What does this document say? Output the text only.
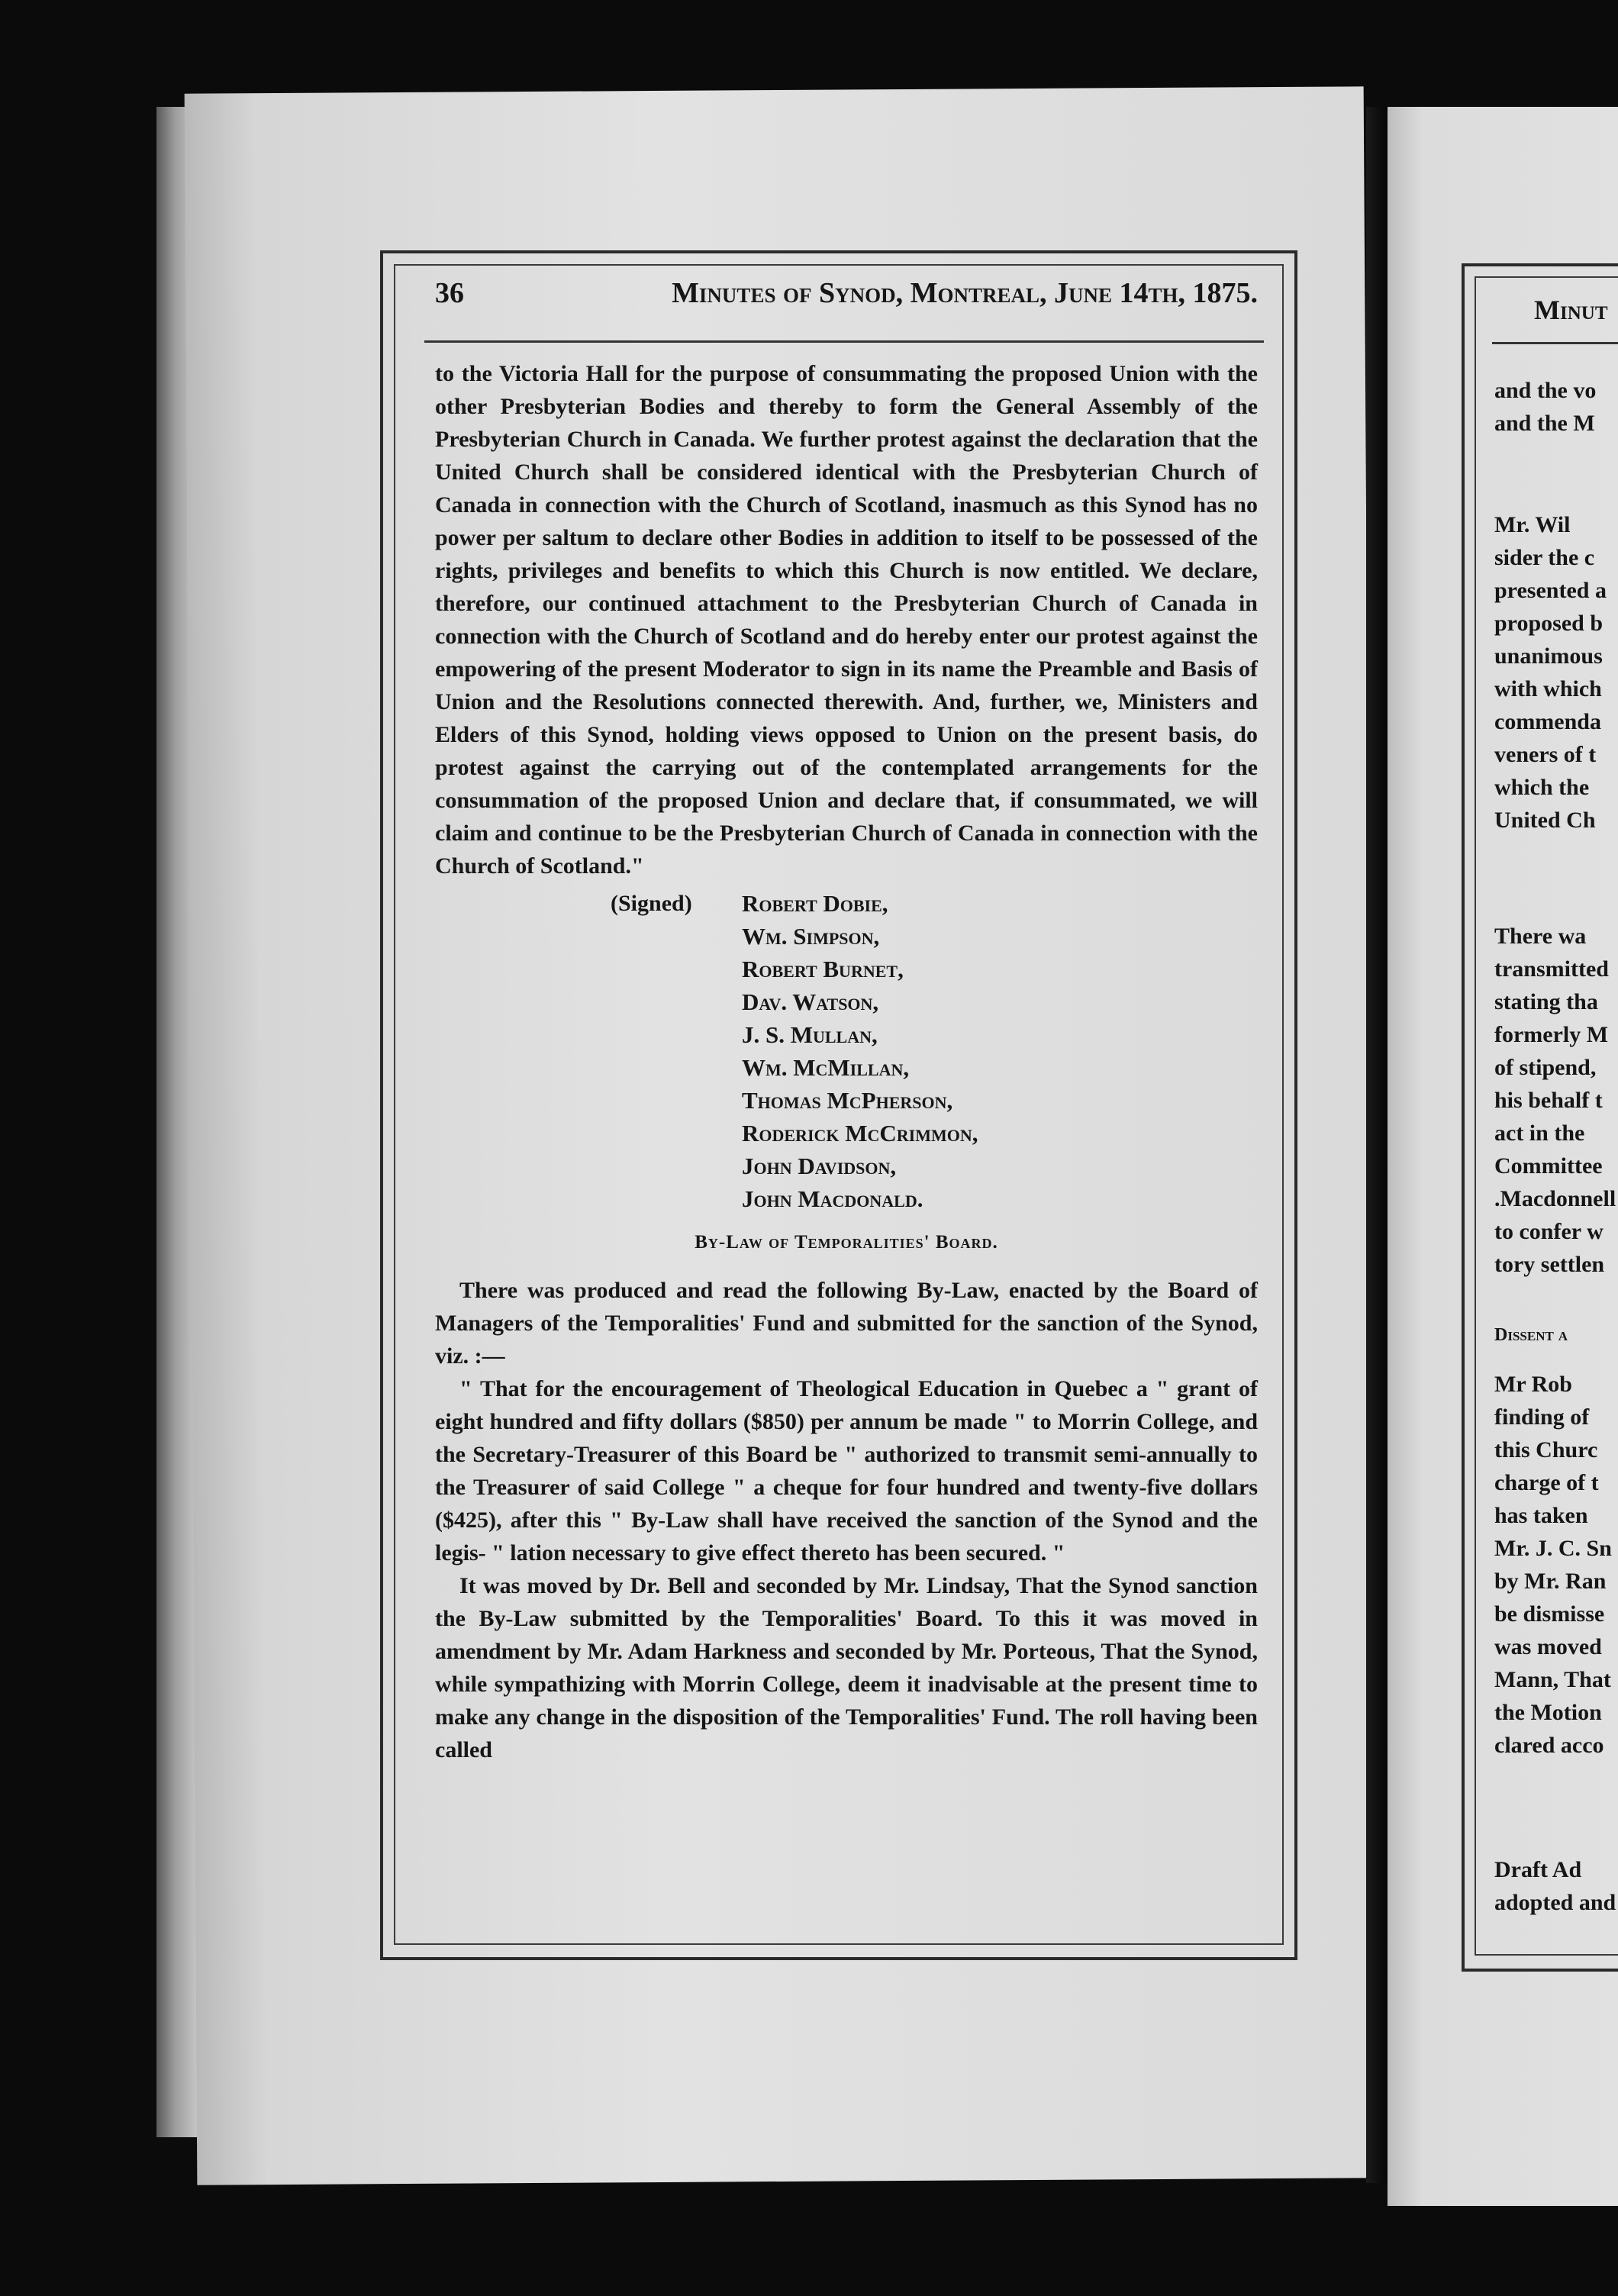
36	Minutes of Synod, Montreal, June 14th, 1875.

to the Victoria Hall for the purpose of consummating the proposed Union with the other Presbyterian Bodies and thereby to form the General Assembly of the Presbyterian Church in Canada. We further protest against the declaration that the United Church shall be considered identical with the Presbyterian Church of Canada in connection with the Church of Scotland, inasmuch as this Synod has no power per saltum to declare other Bodies in addition to itself to be possessed of the rights, privileges and benefits to which this Church is now entitled. We declare, therefore, our continued attachment to the Presbyterian Church of Canada in connection with the Church of Scotland and do hereby enter our protest against the empowering of the present Moderator to sign in its name the Preamble and Basis of Union and the Resolutions connected therewith. And, further, we, Ministers and Elders of this Synod, holding views opposed to Union on the present basis, do protest against the carrying out of the contemplated arrangements for the consummation of the proposed Union and declare that, if consummated, we will claim and continue to be the Presbyterian Church of Canada in connection with the Church of Scotland."

(Signed)	Robert Dobie,
Wm. Simpson,
Robert Burnet,
Dav. Watson,
J. S. Mullan,
Wm. McMillan,
Thomas McPherson,
Roderick McCrimmon,
John Davidson,
John Macdonald.
By-Law of Temporalities' Board.

There was produced and read the following By-Law, enacted by the Board of Managers of the Temporalities' Fund and submitted for the sanction of the Synod, viz. :—

" That for the encouragement of Theological Education in Quebec a " grant of eight hundred and fifty dollars ($850) per annum be made " to Morrin College, and the Secretary-Treasurer of this Board be " authorized to transmit semi-annually to the Treasurer of said College " a cheque for four hundred and twenty-five dollars ($425), after this " By-Law shall have received the sanction of the Synod and the legis- " lation necessary to give effect thereto has been secured. "

It was moved by Dr. Bell and seconded by Mr. Lindsay, That the Synod sanction the By-Law submitted by the Temporalities' Board. To this it was moved in amendment by Mr. Adam Harkness and seconded by Mr. Porteous, That the Synod, while sympathizing with Morrin College, deem it inadvisable at the present time to make any change in the disposition of the Temporalities' Fund. The roll having been called

Minut
and the vo
and the M
Mr. Wil
sider the c
presented a
proposed b
unanimous
with which
commenda
veners of t
which the
United Ch
There wa
transmitted
stating tha
formerly M
of stipend,
his behalf t
act in the
Committee
.Macdonnell
to confer w
tory settlen
Dissent a
Mr Rob
finding of
this Churc
charge of t
has taken
Mr. J. C. Sn
by Mr. Ran
be dismisse
was moved
Mann, That
the Motion
clared acco
Draft Ad
adopted and
